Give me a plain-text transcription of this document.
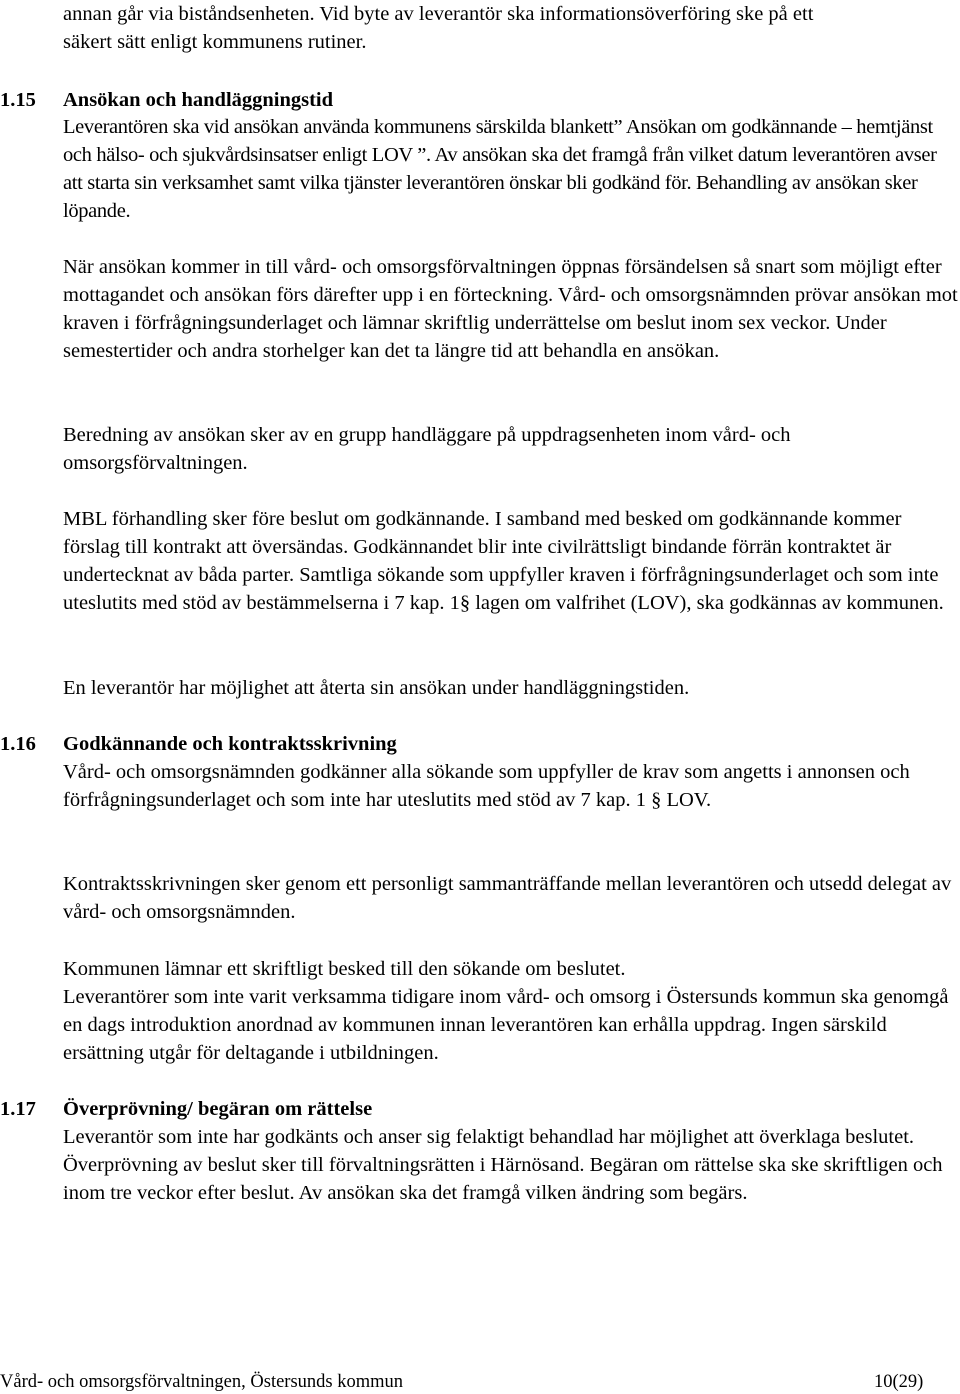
annan går via biståndsenheten. Vid byte av leverantör ska informationsöverföring ske på ett

säkert sätt enligt kommunens rutiner.

1.15 Ansökan och handläggningstid

Leverantören ska vid ansökan använda kommunens särskilda blankett” Ansökan om godkännande – hemtjänst och hälso- och sjukvårdsinsatser enligt LOV ”. Av ansökan ska det framgå från vilket datum leverantören avser att starta sin verksamhet samt vilka tjänster leverantören önskar bli godkänd för. Behandling av ansökan sker löpande.

När ansökan kommer in till vård- och omsorgsförvaltningen öppnas försändelsen så snart som möjligt efter mottagandet och ansökan förs därefter upp i en förteckning. Vård- och omsorgsnämnden prövar ansökan mot kraven i förfrågningsunderlaget och lämnar skriftlig underrättelse om beslut inom sex veckor. Under semestertider och andra storhelger kan det ta längre tid att behandla en ansökan.

Beredning av ansökan sker av en grupp handläggare på uppdragsenheten inom vård- och omsorgsförvaltningen.

MBL förhandling sker före beslut om godkännande. I samband med besked om godkännande kommer förslag till kontrakt att översändas. Godkännandet blir inte civilrättsligt bindande förrän kontraktet är undertecknat av båda parter. Samtliga sökande som uppfyller kraven i förfrågningsunderlaget och som inte uteslutits med stöd av bestämmelserna i 7 kap. 1§ lagen om valfrihet (LOV), ska godkännas av kommunen.

En leverantör har möjlighet att återta sin ansökan under handläggningstiden.

1.16 Godkännande och kontraktsskrivning

Vård- och omsorgsnämnden godkänner alla sökande som uppfyller de krav som angetts i annonsen och förfrågningsunderlaget och som inte har uteslutits med stöd av 7 kap. 1 § LOV.

Kontraktsskrivningen sker genom ett personligt sammanträffande mellan leverantören och utsedd delegat av vård- och omsorgsnämnden.

Kommunen lämnar ett skriftligt besked till den sökande om beslutet.

Leverantörer som inte varit verksamma tidigare inom vård- och omsorg i Östersunds kommun ska genomgå en dags introduktion anordnad av kommunen innan leverantören kan erhålla uppdrag. Ingen särskild ersättning utgår för deltagande i utbildningen.

1.17 Överprövning/ begäran om rättelse

Leverantör som inte har godkänts och anser sig felaktigt behandlad har möjlighet att överklaga beslutet. Överprövning av beslut sker till förvaltningsrätten i Härnösand. Begäran om rättelse ska ske skriftligen och inom tre veckor efter beslut. Av ansökan ska det framgå vilken ändring som begärs.

Vård- och omsorgsförvaltningen, Östersunds kommun	10(29)
